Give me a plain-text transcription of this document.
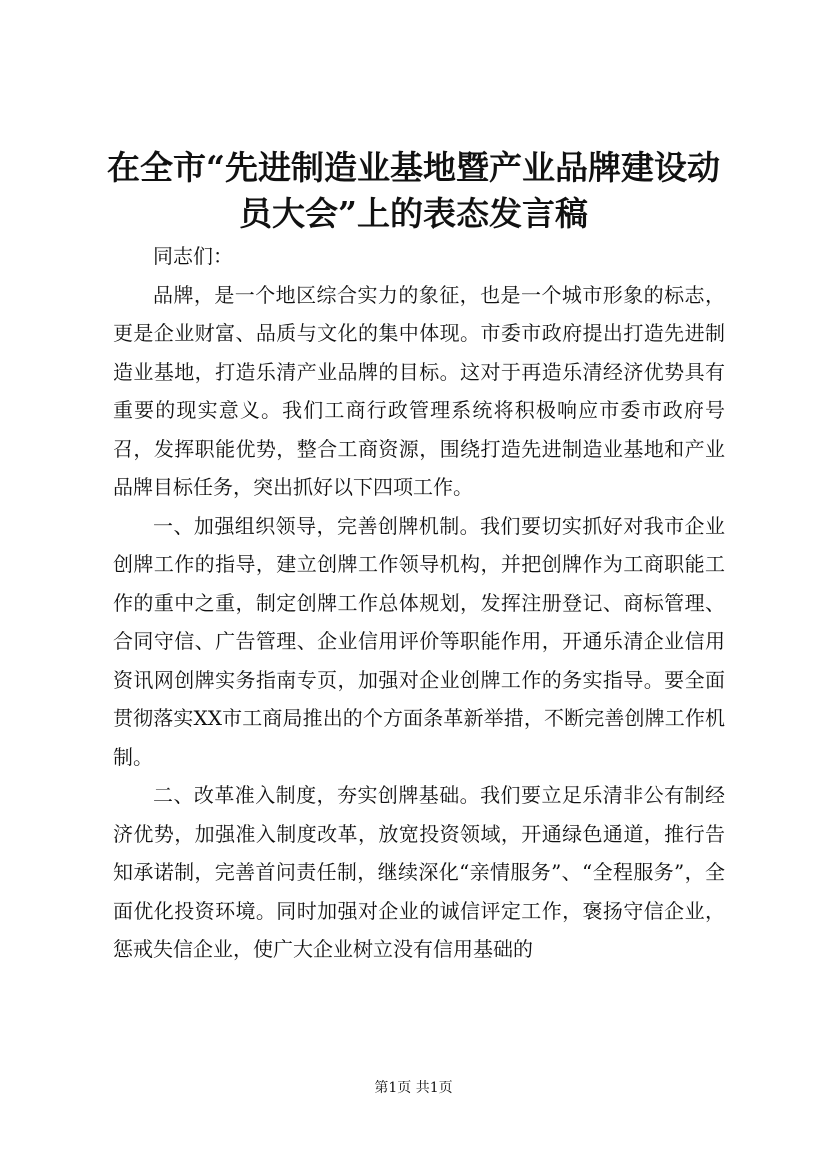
在全市“先进制造业基地暨产业品牌建设动员大会”上的表态发言稿

同志们：

品牌，是一个地区综合实力的象征，也是一个城市形象的标志，更是企业财富、品质与文化的集中体现。市委市政府提出打造先进制造业基地，打造乐清产业品牌的目标。这对于再造乐清经济优势具有重要的现实意义。我们工商行政管理系统将积极响应市委市政府号召，发挥职能优势，整合工商资源，围绕打造先进制造业基地和产业品牌目标任务，突出抓好以下四项工作。

一、加强组织领导，完善创牌机制。我们要切实抓好对我市企业创牌工作的指导，建立创牌工作领导机构，并把创牌作为工商职能工作的重中之重，制定创牌工作总体规划，发挥注册登记、商标管理、合同守信、广告管理、企业信用评价等职能作用，开通乐清企业信用资讯网创牌实务指南专页，加强对企业创牌工作的务实指导。要全面贯彻落实XX市工商局推出的个方面条革新举措，不断完善创牌工作机制。

二、改革准入制度，夯实创牌基础。我们要立足乐清非公有制经济优势，加强准入制度改革，放宽投资领域，开通绿色通道，推行告知承诺制，完善首问责任制，继续深化“亲情服务”、“全程服务”，全面优化投资环境。同时加强对企业的诚信评定工作，褒扬守信企业，惩戒失信企业，使广大企业树立没有信用基础的

第1页 共1页
